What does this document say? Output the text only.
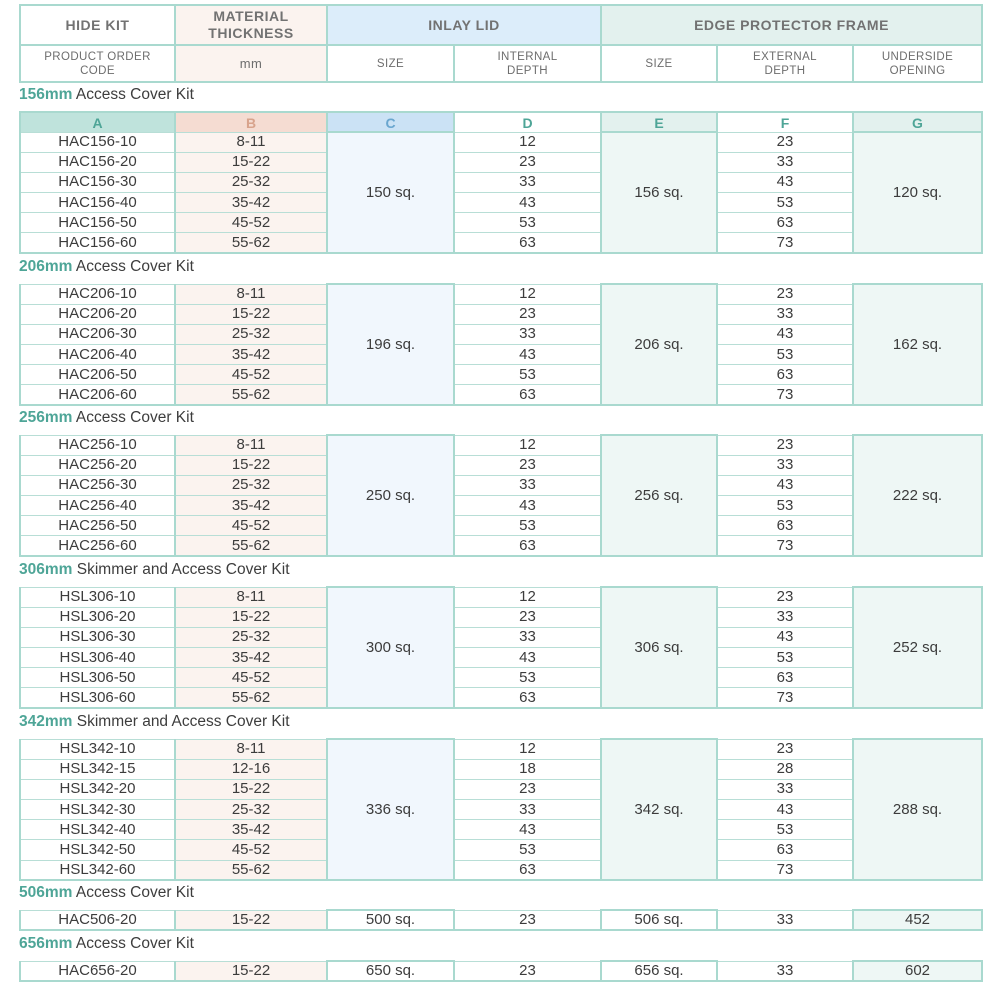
HIDE KIT	MATERIAL THICKNESS	INLAY LID		EDGE PROTECTOR FRAME		
PRODUCT ORDER CODE	mm	SIZE	INTERNAL DEPTH	SIZE	EXTERNAL DEPTH	UNDERSIDE OPENING
A	B	C	D	E	F	G
156mm Access Cover Kit
HAC156-10	8-11	150 sq.	12	156 sq.	23	120 sq.
HAC156-20	15-22		23		33	
HAC156-30	25-32		33		43	
HAC156-40	35-42		43		53	
HAC156-50	45-52		53		63	
HAC156-60	55-62		63		73	
206mm Access Cover Kit
HAC206-10	8-11	196 sq.	12	206 sq.	23	162 sq.
HAC206-20	15-22		23		33	
HAC206-30	25-32		33		43	
HAC206-40	35-42		43		53	
HAC206-50	45-52		53		63	
HAC206-60	55-62		63		73	
256mm Access Cover Kit
HAC256-10	8-11	250 sq.	12	256 sq.	23	222 sq.
HAC256-20	15-22		23		33	
HAC256-30	25-32		33		43	
HAC256-40	35-42		43		53	
HAC256-50	45-52		53		63	
HAC256-60	55-62		63		73	
306mm Skimmer and Access Cover Kit
HSL306-10	8-11	300 sq.	12	306 sq.	23	252 sq.
HSL306-20	15-22		23		33	
HSL306-30	25-32		33		43	
HSL306-40	35-42		43		53	
HSL306-50	45-52		53		63	
HSL306-60	55-62		63		73	
342mm Skimmer and Access Cover Kit
HSL342-10	8-11	336 sq.	12	342 sq.	23	288 sq.
HSL342-15	12-16		18		28	
HSL342-20	15-22		23		33	
HSL342-30	25-32		33		43	
HSL342-40	35-42		43		53	
HSL342-50	45-52		53		63	
HSL342-60	55-62		63		73	
506mm Access Cover Kit
HAC506-20	15-22	500 sq.	23	506 sq.	33	452
656mm Access Cover Kit
HAC656-20	15-22	650 sq.	23	656 sq.	33	602
